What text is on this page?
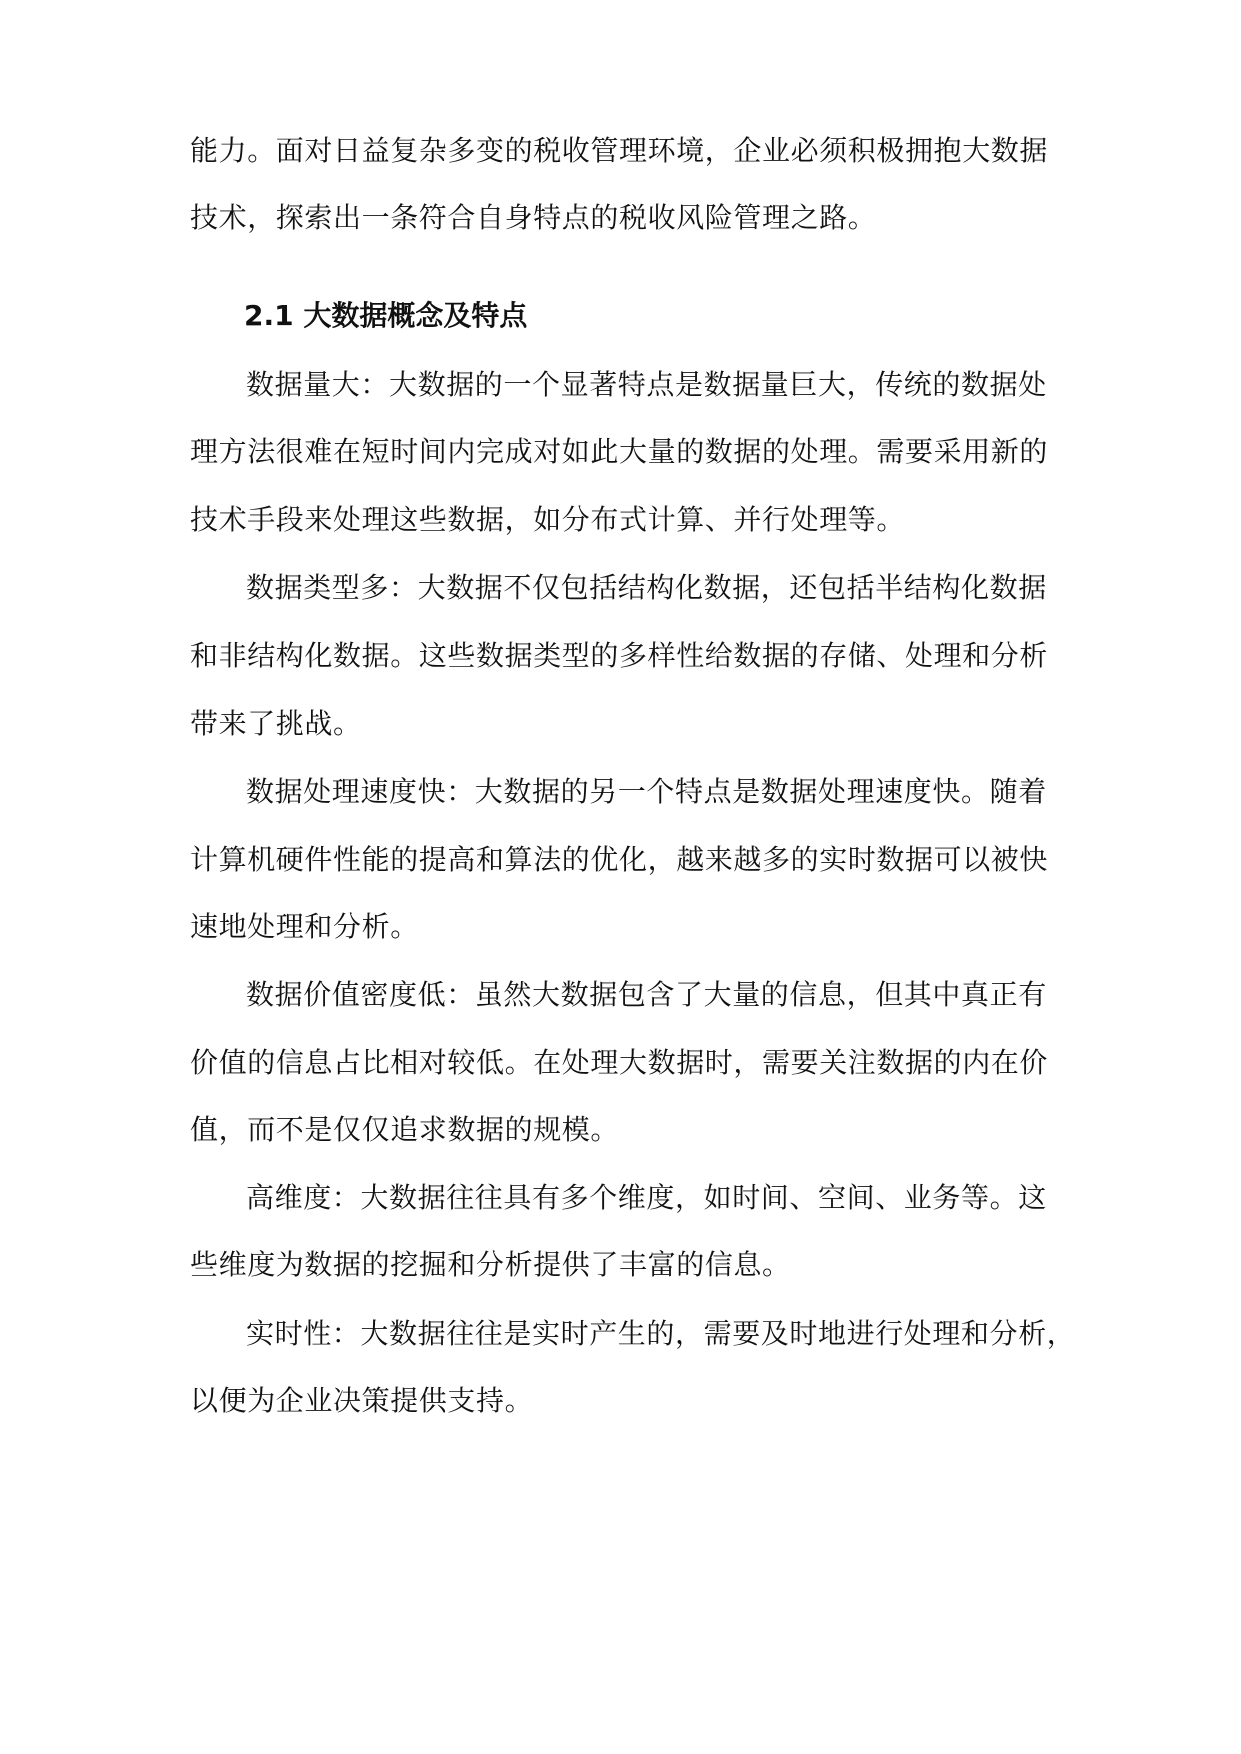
能力。面对日益复杂多变的税收管理环境，企业必须积极拥抱大数据
技术，探索出一条符合自身特点的税收风险管理之路。
2.1 大数据概念及特点
数据量大：大数据的一个显著特点是数据量巨大，传统的数据处
理方法很难在短时间内完成对如此大量的数据的处理。需要采用新的
技术手段来处理这些数据，如分布式计算、并行处理等。
数据类型多：大数据不仅包括结构化数据，还包括半结构化数据
和非结构化数据。这些数据类型的多样性给数据的存储、处理和分析
带来了挑战。
数据处理速度快：大数据的另一个特点是数据处理速度快。随着
计算机硬件性能的提高和算法的优化，越来越多的实时数据可以被快
速地处理和分析。
数据价值密度低：虽然大数据包含了大量的信息，但其中真正有
价值的信息占比相对较低。在处理大数据时，需要关注数据的内在价
值，而不是仅仅追求数据的规模。
高维度：大数据往往具有多个维度，如时间、空间、业务等。这
些维度为数据的挖掘和分析提供了丰富的信息。
实时性：大数据往往是实时产生的，需要及时地进行处理和分析，
以便为企业决策提供支持。
